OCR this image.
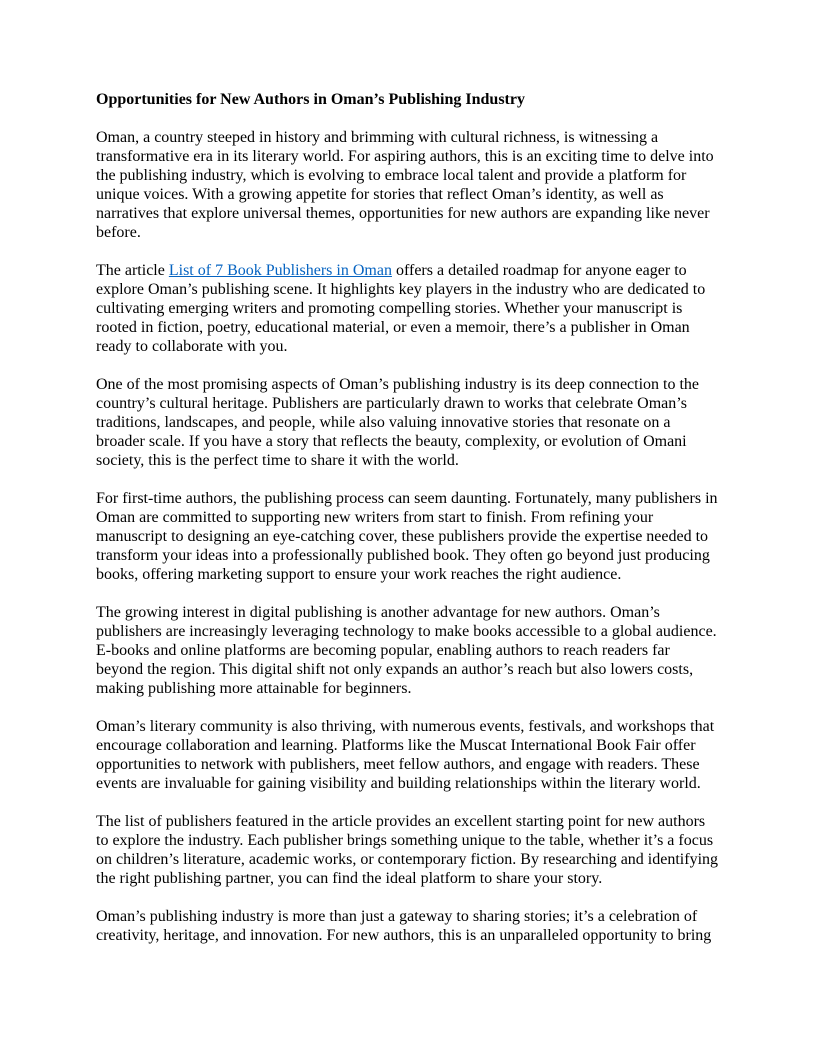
Opportunities for New Authors in Oman’s Publishing Industry

Oman, a country steeped in history and brimming with cultural richness, is witnessing a transformative era in its literary world. For aspiring authors, this is an exciting time to delve into the publishing industry, which is evolving to embrace local talent and provide a platform for unique voices. With a growing appetite for stories that reflect Oman’s identity, as well as narratives that explore universal themes, opportunities for new authors are expanding like never before.

The article List of 7 Book Publishers in Oman offers a detailed roadmap for anyone eager to explore Oman’s publishing scene. It highlights key players in the industry who are dedicated to cultivating emerging writers and promoting compelling stories. Whether your manuscript is rooted in fiction, poetry, educational material, or even a memoir, there’s a publisher in Oman ready to collaborate with you.

One of the most promising aspects of Oman’s publishing industry is its deep connection to the country’s cultural heritage. Publishers are particularly drawn to works that celebrate Oman’s traditions, landscapes, and people, while also valuing innovative stories that resonate on a broader scale. If you have a story that reflects the beauty, complexity, or evolution of Omani society, this is the perfect time to share it with the world.

For first-time authors, the publishing process can seem daunting. Fortunately, many publishers in Oman are committed to supporting new writers from start to finish. From refining your manuscript to designing an eye-catching cover, these publishers provide the expertise needed to transform your ideas into a professionally published book. They often go beyond just producing books, offering marketing support to ensure your work reaches the right audience.

The growing interest in digital publishing is another advantage for new authors. Oman’s publishers are increasingly leveraging technology to make books accessible to a global audience. E-books and online platforms are becoming popular, enabling authors to reach readers far beyond the region. This digital shift not only expands an author’s reach but also lowers costs, making publishing more attainable for beginners.

Oman’s literary community is also thriving, with numerous events, festivals, and workshops that encourage collaboration and learning. Platforms like the Muscat International Book Fair offer opportunities to network with publishers, meet fellow authors, and engage with readers. These events are invaluable for gaining visibility and building relationships within the literary world.

The list of publishers featured in the article provides an excellent starting point for new authors to explore the industry. Each publisher brings something unique to the table, whether it’s a focus on children’s literature, academic works, or contemporary fiction. By researching and identifying the right publishing partner, you can find the ideal platform to share your story.

Oman’s publishing industry is more than just a gateway to sharing stories; it’s a celebration of creativity, heritage, and innovation. For new authors, this is an unparalleled opportunity to bring
